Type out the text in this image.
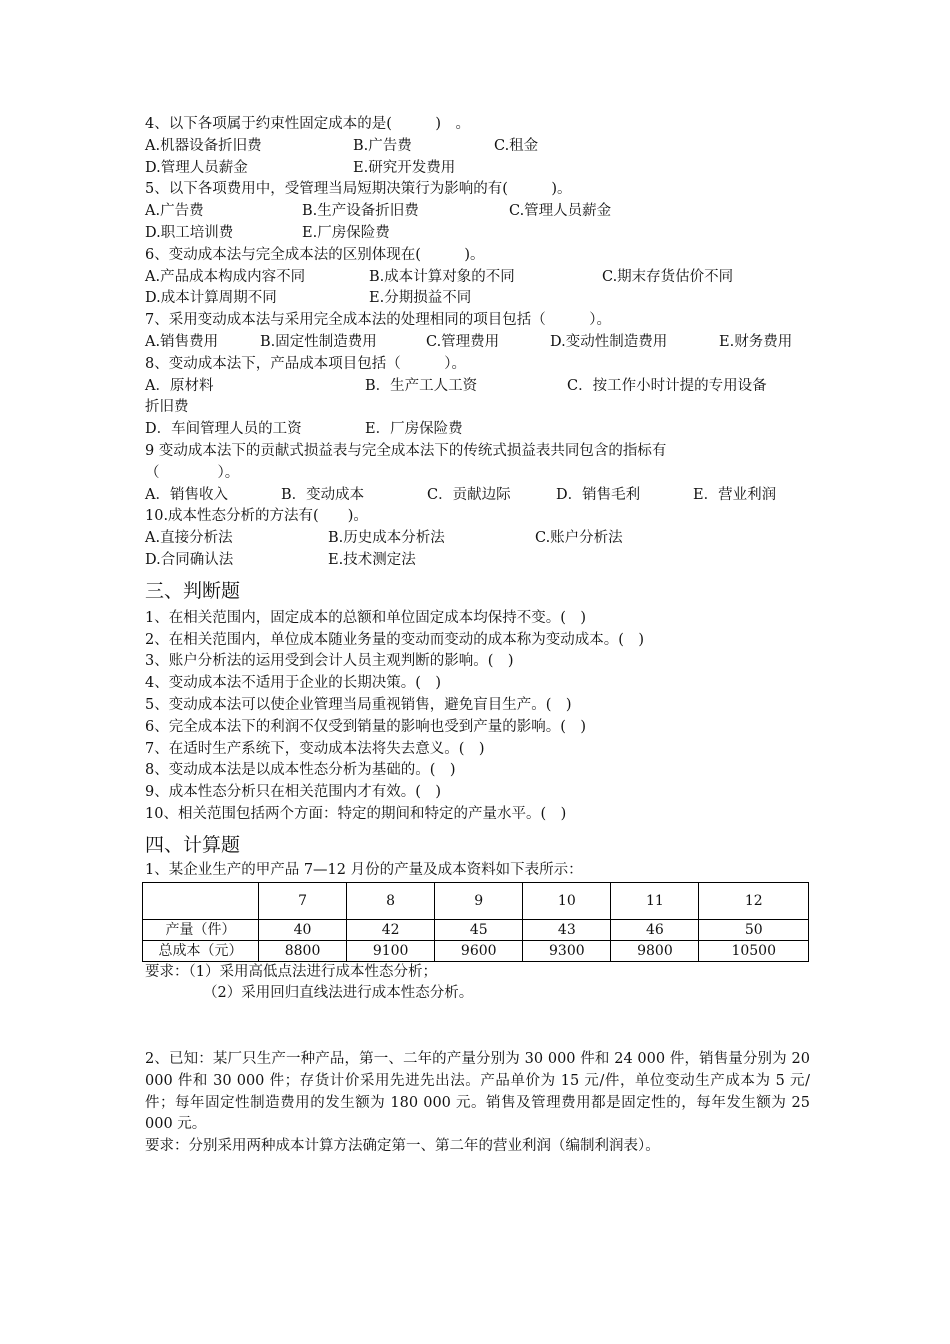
4、以下各项属于约束性固定成本的是(　　　)　。
A.机器设备折旧费	B.广告费	C.租金
D.管理人员薪金	E.研究开发费用
5、以下各项费用中，受管理当局短期决策行为影响的有(　　　)。
A.广告费	B.生产设备折旧费	C.管理人员薪金
D.职工培训费	E.厂房保险费
6、变动成本法与完全成本法的区别体现在(　　　)。
A.产品成本构成内容不同	B.成本计算对象的不同	C.期末存货估价不同
D.成本计算周期不同	E.分期损益不同
7、采用变动成本法与采用完全成本法的处理相同的项目包括（　　　）。
A.销售费用	B.固定性制造费用	C.管理费用	D.变动性制造费用	E.财务费用
8、变动成本法下，产品成本项目包括（　　　）。
A．原材料	B．生产工人工资	C．按工作小时计提的专用设备
折旧费
D．车间管理人员的工资	E．厂房保险费
9 变动成本法下的贡献式损益表与完全成本法下的传统式损益表共同包含的指标有
（　　　　）。
A．销售收入	B．变动成本	C．贡献边际	D．销售毛利	E．营业利润
10.成本性态分析的方法有(　　)。
A.直接分析法	B.历史成本分析法	C.账户分析法
D.合同确认法	E.技术测定法
三、判断题
1、在相关范围内，固定成本的总额和单位固定成本均保持不变。(　)
2、在相关范围内，单位成本随业务量的变动而变动的成本称为变动成本。(　)
3、账户分析法的运用受到会计人员主观判断的影响。(　)
4、变动成本法不适用于企业的长期决策。(　)
5、变动成本法可以使企业管理当局重视销售，避免盲目生产。(　)
6、完全成本法下的利润不仅受到销量的影响也受到产量的影响。(　)
7、在适时生产系统下，变动成本法将失去意义。(　)
8、变动成本法是以成本性态分析为基础的。(　)
9、成本性态分析只在相关范围内才有效。(　)
10、相关范围包括两个方面：特定的期间和特定的产量水平。(　)
四、计算题
1、某企业生产的甲产品 7—12 月份的产量及成本资料如下表所示：
	7	8	9	10	11	12
产量（件）	40	42	45	43	46	50
总成本（元）	8800	9100	9600	9300	9800	10500
要求：（1）采用高低点法进行成本性态分析；
（2）采用回归直线法进行成本性态分析。
2、已知：某厂只生产一种产品，第一、二年的产量分别为 30 000 件和 24 000 件，销售量分别为 20 000 件和 30 000 件；存货计价采用先进先出法。产品单价为 15 元/件，单位变动生产成本为 5 元/件；每年固定性制造费用的发生额为 180 000 元。销售及管理费用都是固定性的，每年发生额为 25 000 元。
要求：分别采用两种成本计算方法确定第一、第二年的营业利润（编制利润表）。
